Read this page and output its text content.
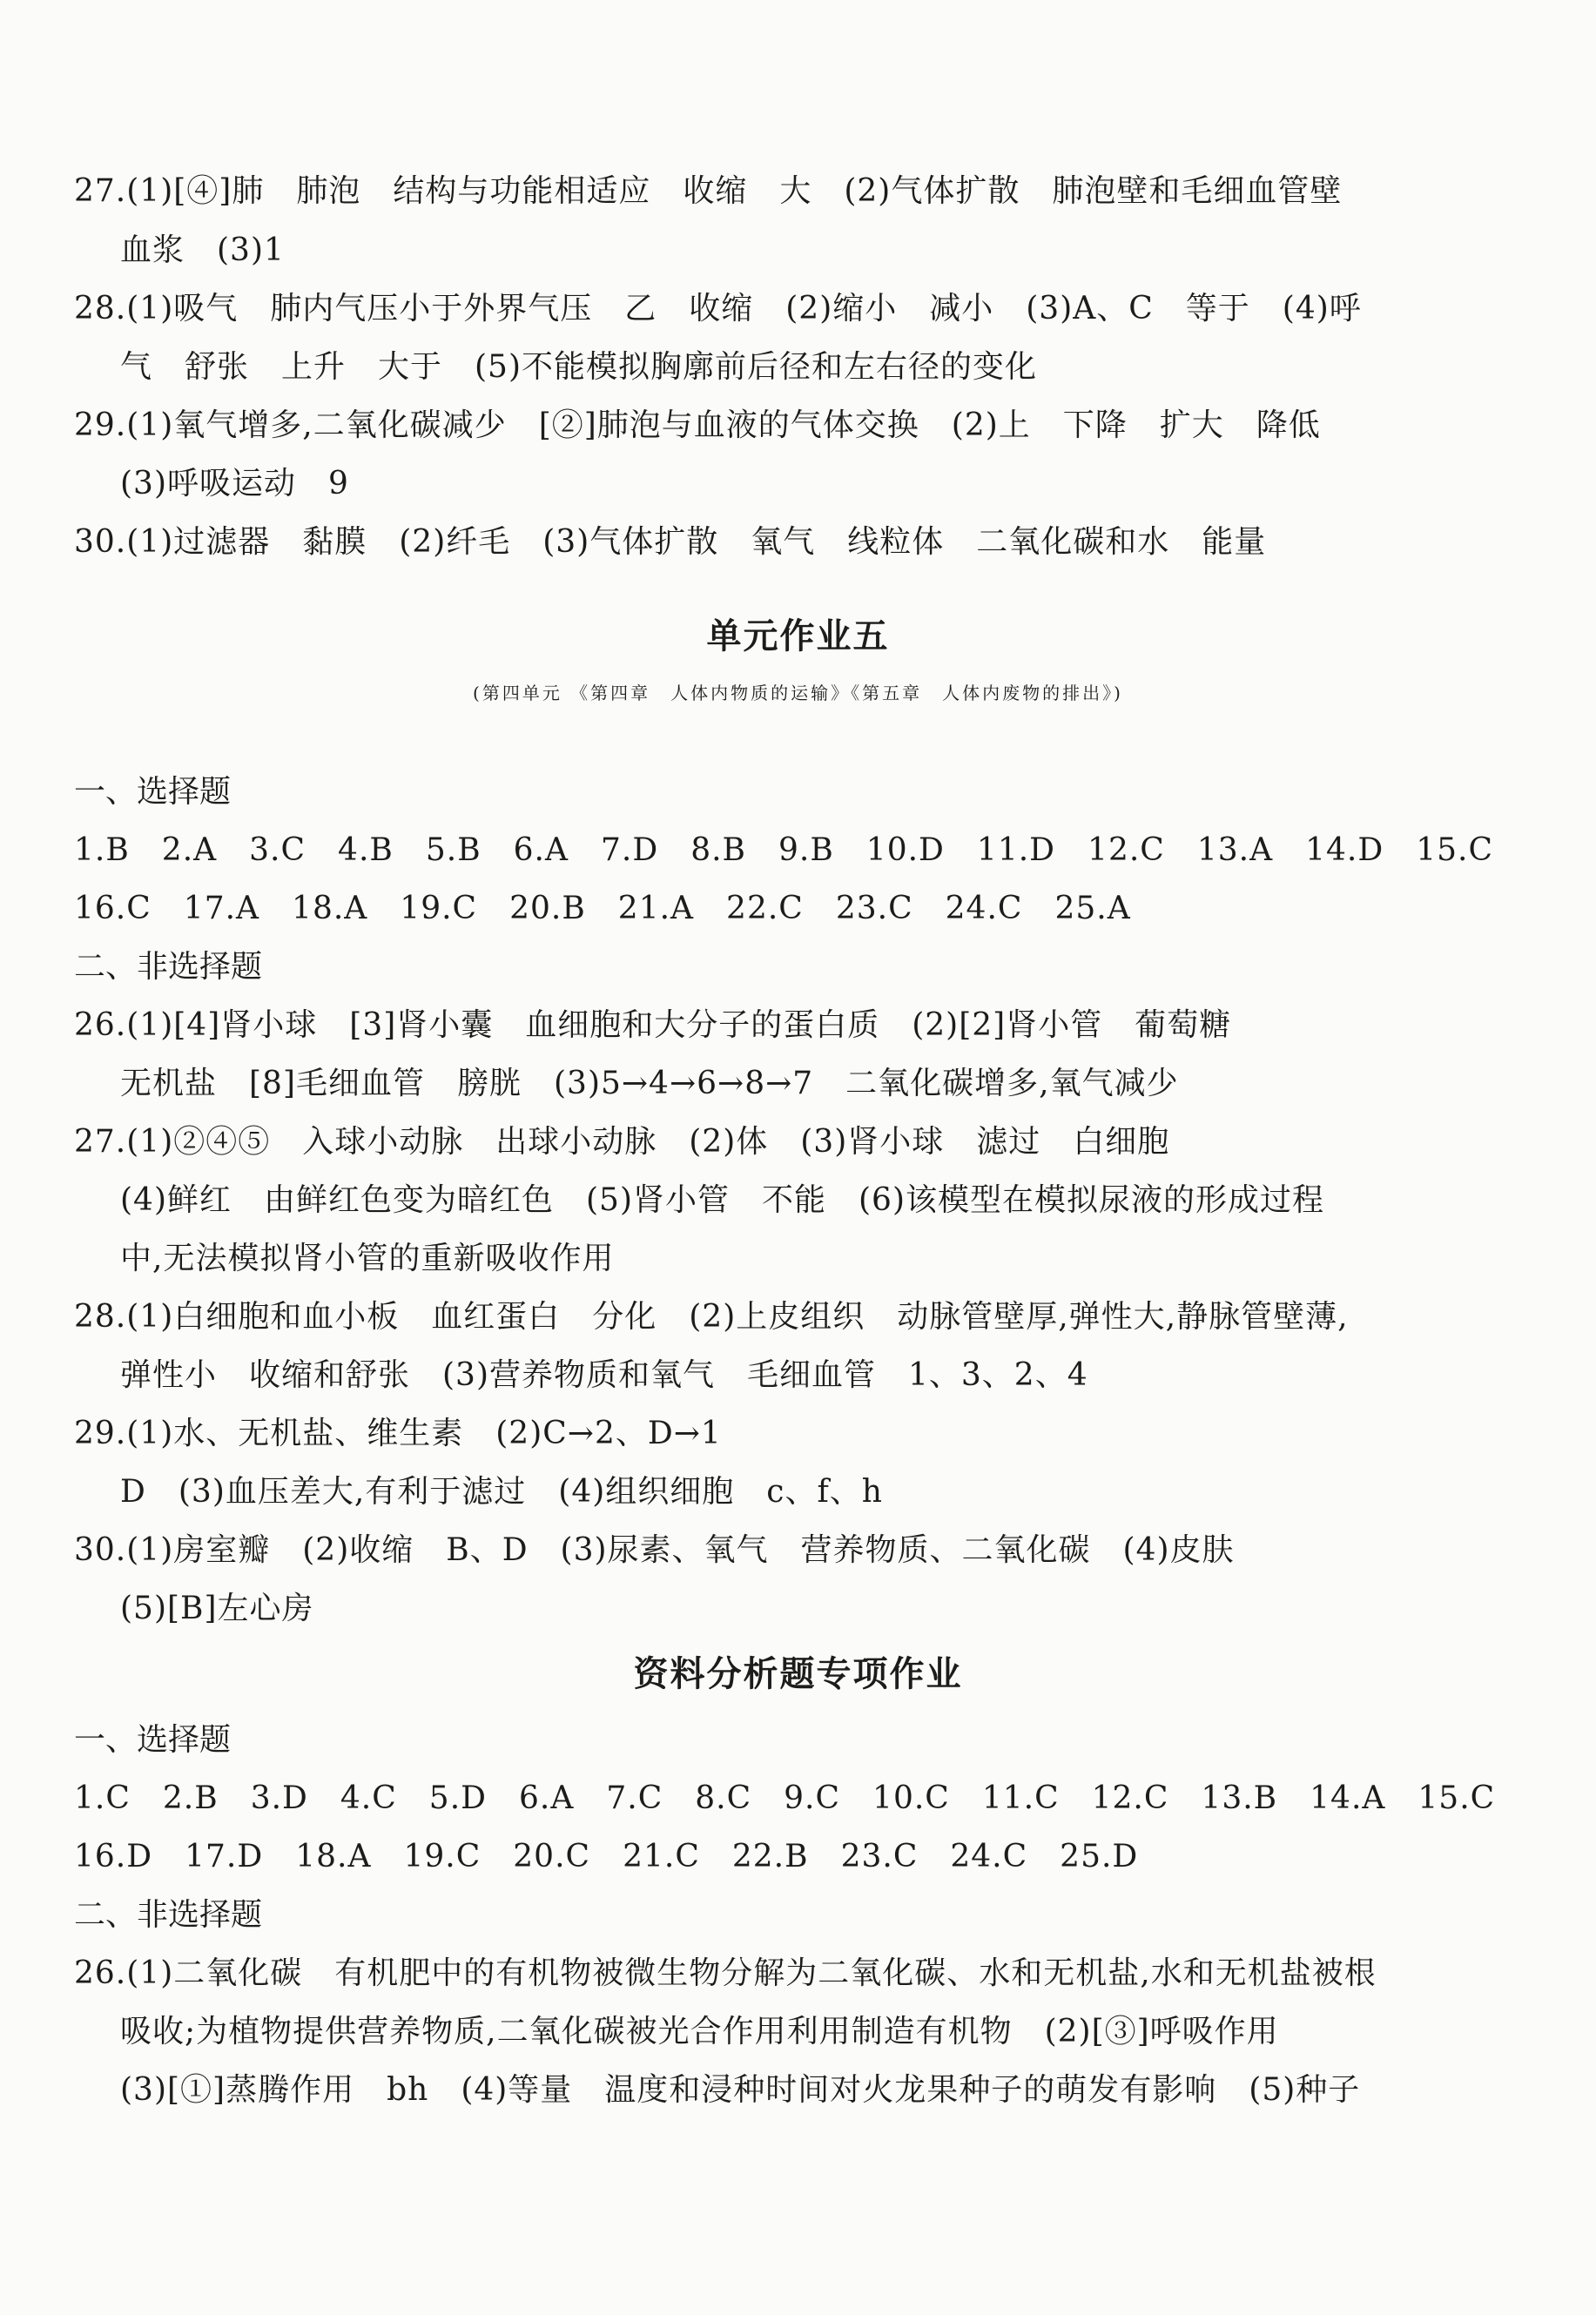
27.(1)[④]肺　肺泡　结构与功能相适应　收缩　大　(2)气体扩散　肺泡壁和毛细血管壁
血浆　(3)1
28.(1)吸气　肺内气压小于外界气压　乙　收缩　(2)缩小　减小　(3)A、C　等于　(4)呼
气　舒张　上升　大于　(5)不能模拟胸廓前后径和左右径的变化
29.(1)氧气增多,二氧化碳减少　[②]肺泡与血液的气体交换　(2)上　下降　扩大　降低
(3)呼吸运动　9
30.(1)过滤器　黏膜　(2)纤毛　(3)气体扩散　氧气　线粒体　二氧化碳和水　能量
单元作业五
(第四单元 《第四章　人体内物质的运输》《第五章　人体内废物的排出》)
一、选择题
1.B　2.A　3.C　4.B　5.B　6.A　7.D　8.B　9.B　10.D　11.D　12.C　13.A　14.D　15.C
16.C　17.A　18.A　19.C　20.B　21.A　22.C　23.C　24.C　25.A
二、非选择题
26.(1)[4]肾小球　[3]肾小囊　血细胞和大分子的蛋白质　(2)[2]肾小管　葡萄糖
无机盐　[8]毛细血管　膀胱　(3)5→4→6→8→7　二氧化碳增多,氧气减少
27.(1)②④⑤　入球小动脉　出球小动脉　(2)体　(3)肾小球　滤过　白细胞
(4)鲜红　由鲜红色变为暗红色　(5)肾小管　不能　(6)该模型在模拟尿液的形成过程
中,无法模拟肾小管的重新吸收作用
28.(1)白细胞和血小板　血红蛋白　分化　(2)上皮组织　动脉管壁厚,弹性大,静脉管壁薄,
弹性小　收缩和舒张　(3)营养物质和氧气　毛细血管　1、3、2、4
29.(1)水、无机盐、维生素　(2)C→2、D→1
D　(3)血压差大,有利于滤过　(4)组织细胞　c、f、h
30.(1)房室瓣　(2)收缩　B、D　(3)尿素、氧气　营养物质、二氧化碳　(4)皮肤
(5)[B]左心房
资料分析题专项作业
一、选择题
1.C　2.B　3.D　4.C　5.D　6.A　7.C　8.C　9.C　10.C　11.C　12.C　13.B　14.A　15.C
16.D　17.D　18.A　19.C　20.C　21.C　22.B　23.C　24.C　25.D
二、非选择题
26.(1)二氧化碳　有机肥中的有机物被微生物分解为二氧化碳、水和无机盐,水和无机盐被根
吸收;为植物提供营养物质,二氧化碳被光合作用利用制造有机物　(2)[③]呼吸作用
(3)[①]蒸腾作用　bh　(4)等量　温度和浸种时间对火龙果种子的萌发有影响　(5)种子
